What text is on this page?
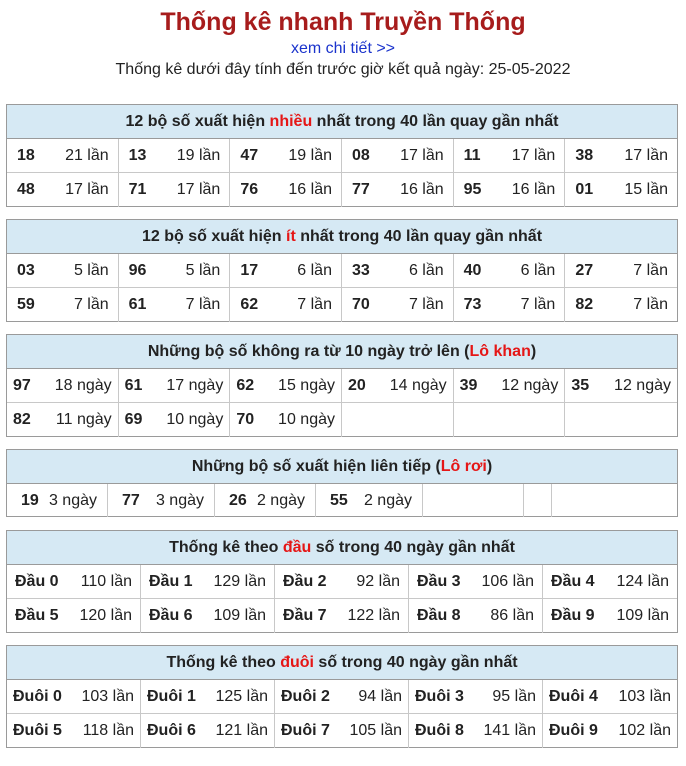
Thống kê nhanh Truyền Thống
xem chi tiết >>
Thống kê dưới đây tính đến trước giờ kết quả ngày: 25-05-2022
12 bộ số xuất hiện nhiều nhất trong 40 lần quay gần nhất
18 21 lần 13 19 lần 47 19 lần 08 17 lần 11 17 lần 38 17 lần
48 17 lần 71 17 lần 76 16 lần 77 16 lần 95 16 lần 01 15 lần
12 bộ số xuất hiện ít nhất trong 40 lần quay gần nhất
03 5 lần 96 5 lần 17 6 lần 33 6 lần 40 6 lần 27	7 lần
59 7 lần 61 7 lần 62 7 lần 70 7 lần 73 7 lần 82	7 lần
Những bộ số không ra từ 10 ngày trở lên (Lô khan)
97 18 ngày 61 17 ngày 62 15 ngày 20 14 ngày 39 12 ngày 35 12 ngày
82 11 ngày 69 10 ngày 70 10 ngày
Những bộ số xuất hiện liên tiếp (Lô rơi)
19 3 ngày 77 3 ngày 26 2 ngày 55 2 ngày
Thống kê theo đầu số trong 40 ngày gần nhất
Đầu 0 110 lần Đầu 1 129 lần Đầu 2 92 lần Đầu 3 106 lần Đầu 4 124 lần
Đầu 5 120 lần Đầu 6 109 lần Đầu 7 122 lần Đầu 8 86 lần Đầu 9 109 lần
Thống kê theo đuôi số trong 40 ngày gần nhất
Đuôi 0 103 lần Đuôi 1 125 lần Đuôi 2 94 lần Đuôi 3 95 lần Đuôi 4 103 lần
Đuôi 5 118 lần Đuôi 6 121 lần Đuôi 7 105 lần Đuôi 8 141 lần Đuôi 9 102 lần
